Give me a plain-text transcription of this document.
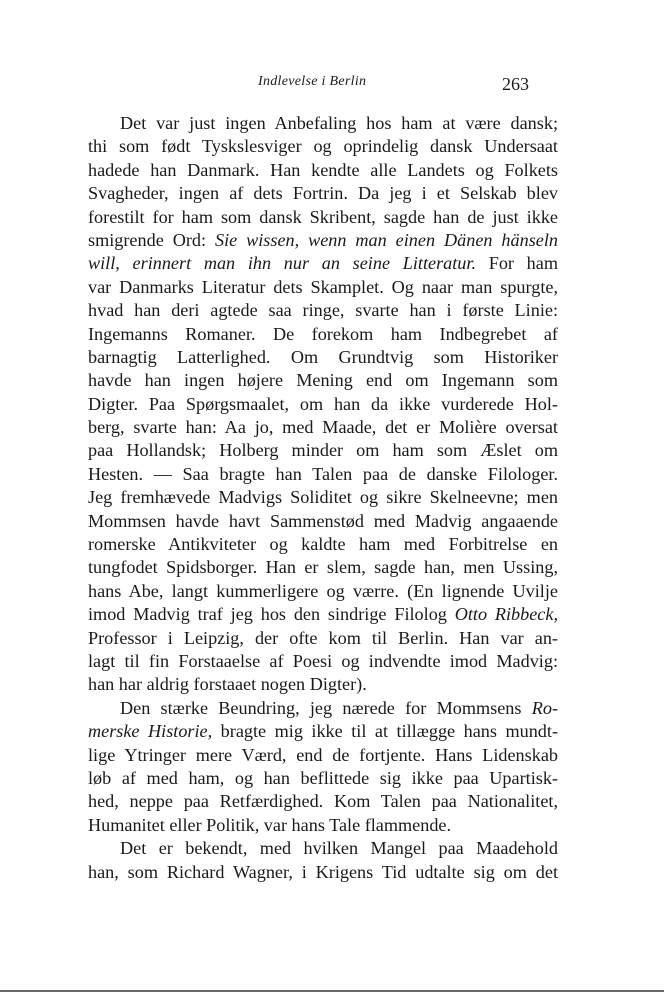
Indlevelse i Berlin	263
Det var just ingen Anbefaling hos ham at være dansk;
thi som født Tyskslesviger og oprindelig dansk Undersaat
hadede han Danmark. Han kendte alle Landets og Folkets
Svagheder, ingen af dets Fortrin. Da jeg i et Selskab blev
forestilt for ham som dansk Skribent, sagde han de just ikke
smigrende Ord: Sie wissen, wenn man einen Dänen hänseln
will, erinnert man ihn nur an seine Litteratur. For ham
var Danmarks Literatur dets Skamplet. Og naar man spurgte,
hvad han deri agtede saa ringe, svarte han i første Linie:
Ingemanns Romaner. De forekom ham Indbegrebet af
barnagtig Latterlighed. Om Grundtvig som Historiker
havde han ingen højere Mening end om Ingemann som
Digter. Paa Spørgsmaalet, om han da ikke vurderede Hol-
berg, svarte han: Aa jo, med Maade, det er Molière oversat
paa Hollandsk; Holberg minder om ham som Æslet om
Hesten. — Saa bragte han Talen paa de danske Filologer.
Jeg fremhævede Madvigs Soliditet og sikre Skelneevne; men
Mommsen havde havt Sammenstød med Madvig angaaende
romerske Antikviteter og kaldte ham med Forbitrelse en
tungfodet Spidsborger. Han er slem, sagde han, men Ussing,
hans Abe, langt kummerligere og værre. (En lignende Uvilje
imod Madvig traf jeg hos den sindrige Filolog Otto Ribbeck,
Professor i Leipzig, der ofte kom til Berlin. Han var an-
lagt til fin Forstaaelse af Poesi og indvendte imod Madvig:
han har aldrig forstaaet nogen Digter).
Den stærke Beundring, jeg nærede for Mommsens Ro-
merske Historie, bragte mig ikke til at tillægge hans mundt-
lige Ytringer mere Værd, end de fortjente. Hans Lidenskab
løb af med ham, og han beflittede sig ikke paa Upartisk-
hed, neppe paa Retfærdighed. Kom Talen paa Nationalitet,
Humanitet eller Politik, var hans Tale flammende.
Det er bekendt, med hvilken Mangel paa Maadehold
han, som Richard Wagner, i Krigens Tid udtalte sig om det
